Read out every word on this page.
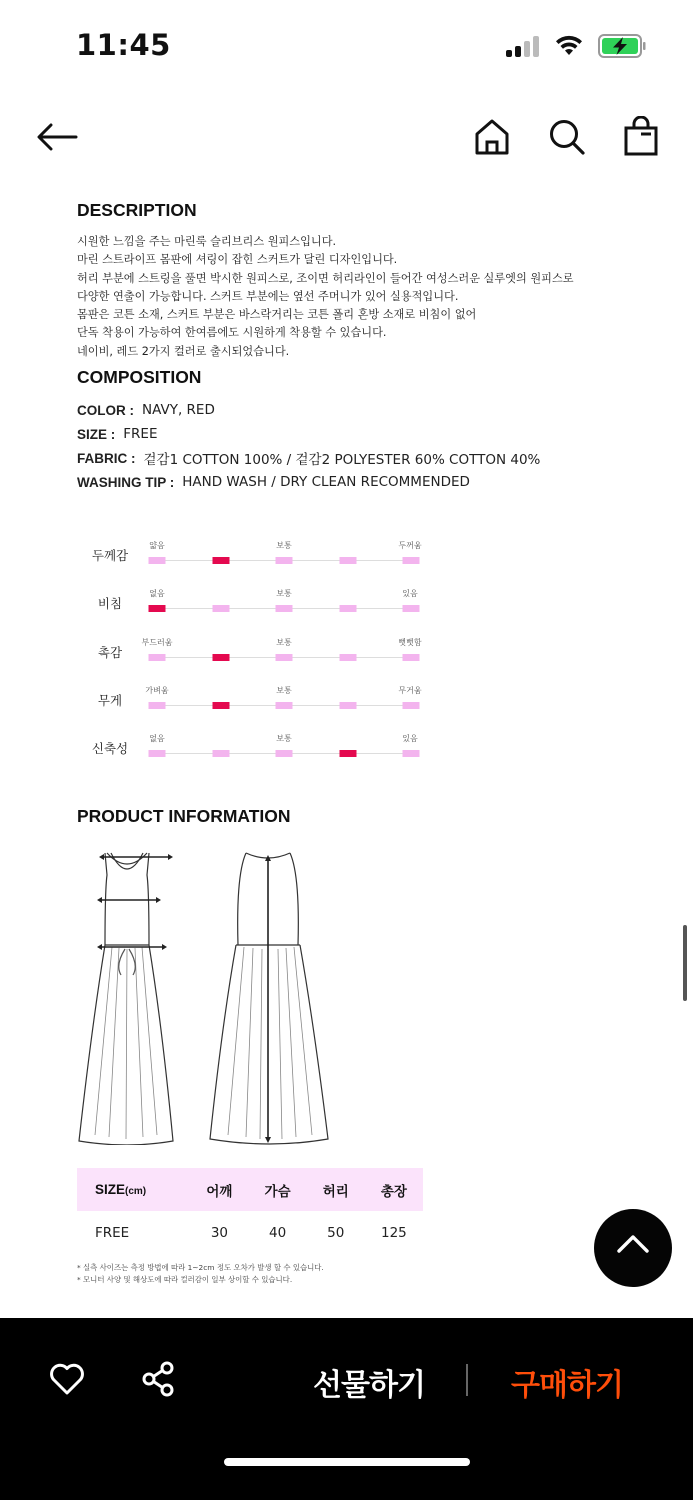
11:45
DESCRIPTION
시원한 느낌을 주는 마린룩 슬리브리스 원피스입니다.
마린 스트라이프 몸판에 셔링이 잡힌 스커트가 달린 디자인입니다.
허리 부분에 스트링을 풀면 박시한 원피스로, 조이면 허리라인이 들어간 여성스러운 실루엣의 원피스로
다양한 연출이 가능합니다. 스커트 부분에는 옆선 주머니가 있어 실용적입니다.
몸판은 코튼 소재, 스커트 부분은 바스락거리는 코튼 폴리 혼방 소재로 비침이 없어
단독 착용이 가능하여 한여름에도 시원하게 착용할 수 있습니다.
네이비, 레드 2가지 컬러로 출시되었습니다.
COMPOSITION
COLOR : NAVY, RED
SIZE : FREE
FABRIC : 겉감1 COTTON 100% / 겉감2 POLYESTER 60% COTTON 40%
WASHING TIP : HAND WASH / DRY CLEAN RECOMMENDED
두께감
얇음	보통	두꺼움
비침
없음	보통	있음
촉감
부드러움	보통	뻣뻣함
무게
가벼움	보통	무거움
신축성
없음	보통	있음
PRODUCT INFORMATION
SIZE(cm)	어깨	가슴	허리	총장
FREE	30	40	50	125
* 실측 사이즈는 측정 방법에 따라 1~2cm 정도 오차가 발생 할 수 있습니다.
* 모니터 사양 및 해상도에 따라 컬러감이 일부 상이할 수 있습니다.
선물하기	구매하기
